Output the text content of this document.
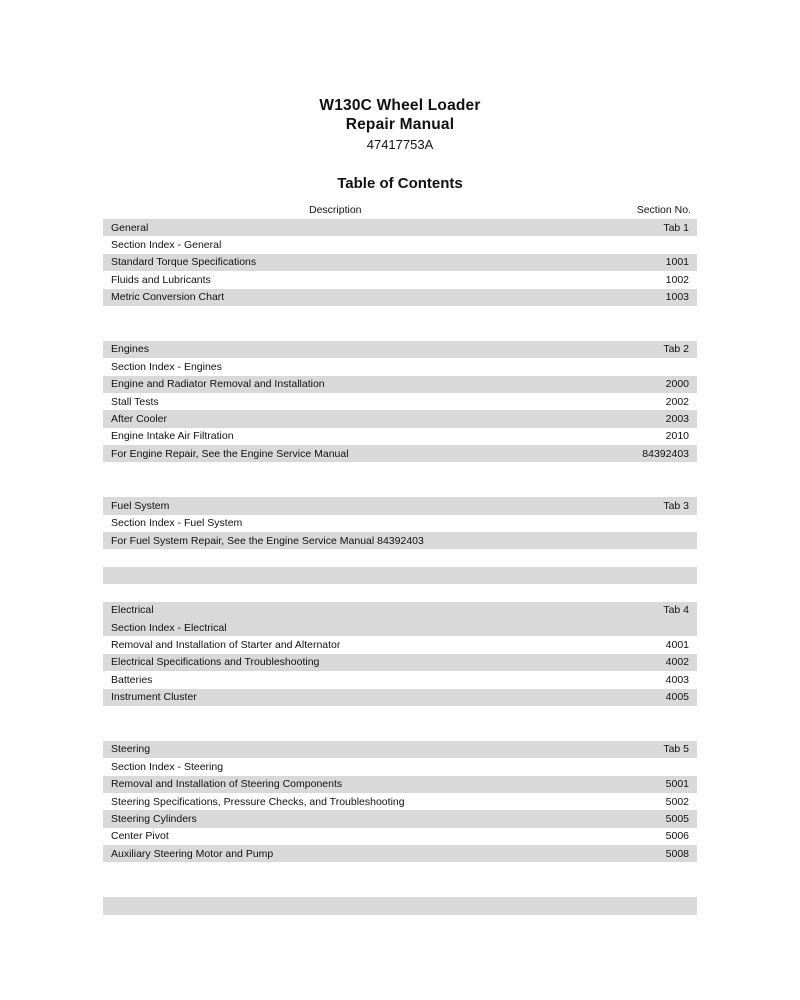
W130C Wheel Loader
Repair Manual
47417753A
Table of Contents
Description	Section No.
General	Tab 1
Section Index - General
Standard Torque Specifications	1001
Fluids and Lubricants	1002
Metric Conversion Chart	1003
Engines	Tab 2
Section Index - Engines
Engine and Radiator Removal and Installation	2000
Stall Tests	2002
After Cooler	2003
Engine Intake Air Filtration	2010
For Engine Repair, See the Engine Service Manual	84392403
Fuel System	Tab 3
Section Index - Fuel System
For Fuel System Repair, See the Engine Service Manual 84392403
Electrical	Tab 4
Section Index - Electrical
Removal and Installation of Starter and Alternator	4001
Electrical Specifications and Troubleshooting	4002
Batteries	4003
Instrument Cluster	4005
Steering	Tab 5
Section Index - Steering
Removal and Installation of Steering Components	5001
Steering Specifications, Pressure Checks, and Troubleshooting	5002
Steering Cylinders	5005
Center Pivot	5006
Auxiliary Steering Motor and Pump	5008
